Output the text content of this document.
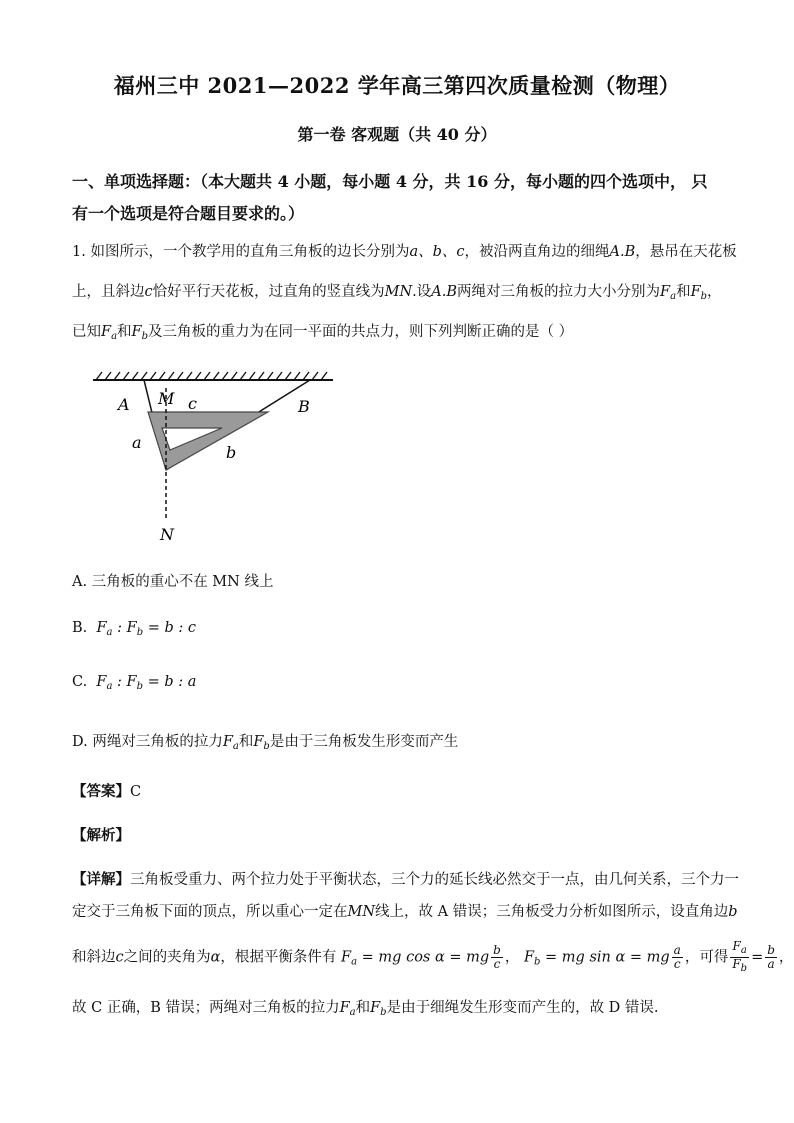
福州三中 2021—2022 学年高三第四次质量检测（物理）
第一卷 客观题（共 40 分）
一、单项选择题：（本大题共 4 小题，每小题 4 分，共 16 分，每小题的四个选项中， 只
有一个选项是符合题目要求的。）
1. 如图所示，一个教学用的直角三角板的边长分别为a、b、c，被沿两直角边的细绳A.B，悬吊在天花板
上，且斜边c恰好平行天花板，过直角的竖直线为MN.设A.B两绳对三角板的拉力大小分别为$F_a$和$F_b$，
已知$F_a$和$F_b$及三角板的重力为在同一平面的共点力，则下列判断正确的是（ ）
A M c	B
a
b
N
A. 三角板的重心不在 MN 线上
B. $F_a$ : $F_b = b$ : c
C. $F_a$ : $F_b = b$ : a
D. 两绳对三角板的拉力$F_a$和$F_b$是由于三角板发生形变而产生
【答案】C
【解析】
【详解】三角板受重力、两个拉力处于平衡状态，三个力的延长线必然交于一点，由几何关系，三个力一
定交于三角板下面的顶点，所以重心一定在MN线上，故 A 错误；三角板受力分析如图所示，设直角边b
和斜边c之间的夹角为α，根据平衡条件有 $F_a$ = mg cos α = mg $\frac{b}{c}$ ， $F_b$ = mg sin α = mg $\frac{a}{c}$ ，可得 $\frac{F_a}{F_b} = \frac{b}{a}$ ，
故 C 正确，B 错误；两绳对三角板的拉力$F_a$和$F_b$是由于细绳发生形变而产生的，故 D 错误.
